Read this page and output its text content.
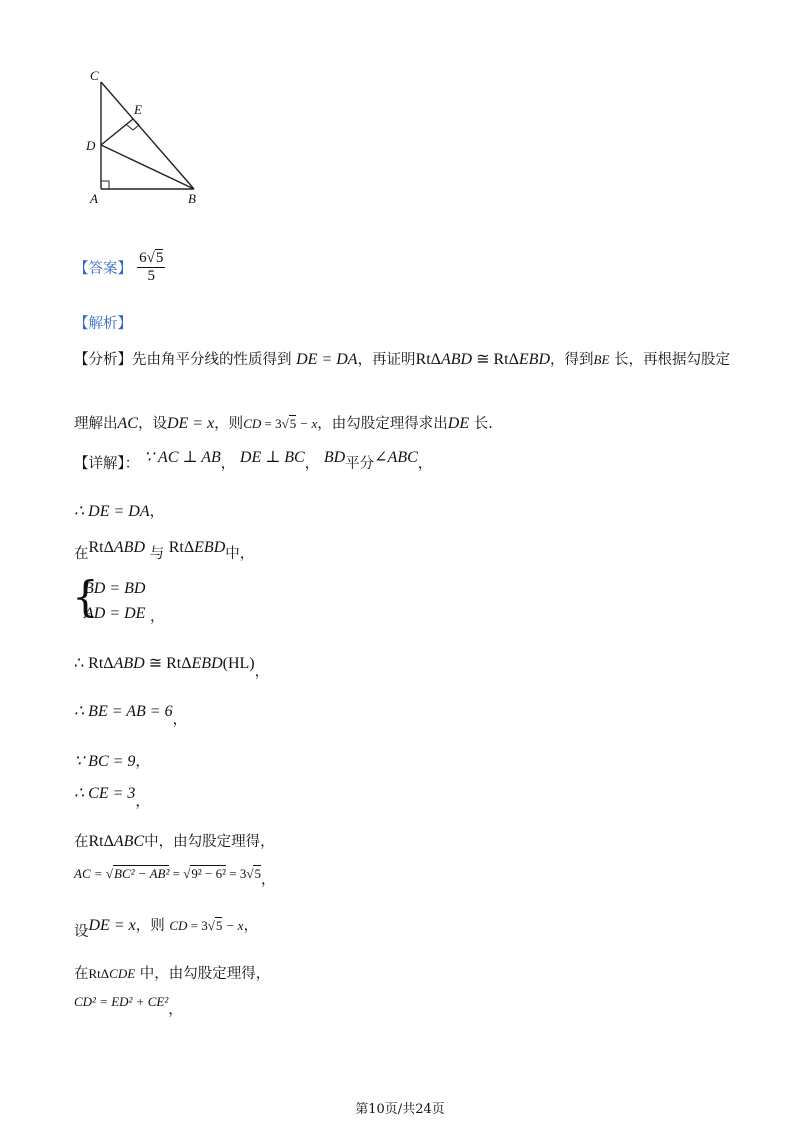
C
E
D
A	B
【答案】 $\frac{6√5}{5}$
【解析】
【分析】先由角平分线的性质得到 DE = DA，再证明RtΔABD ≅ RtΔEBD，得到BE 长，再根据勾股定
理解出AC，设DE = x，则CD = 3√5 − x，由勾股定理得求出DE 长.
【详解】： ∵ AC ⊥ AB， DE ⊥ BC， BD平分∠ABC，
∴ DE = DA，
在RtΔABD 与 RtΔEBD中，
{
BD = BD
AD = DE ，
∴ RtΔABD ≅ RtΔEBD(HL)，
∴ BE = AB = 6，
∵ BC = 9，
∴ CE = 3，
在RtΔABC中，由勾股定理得，
AC = √BC² − AB² = √9² − 6² = 3√5，
设DE = x，则 CD = 3√5 − x，
在RtΔCDE 中，由勾股定理得，
CD² = ED² + CE²，
第10页/共24页
